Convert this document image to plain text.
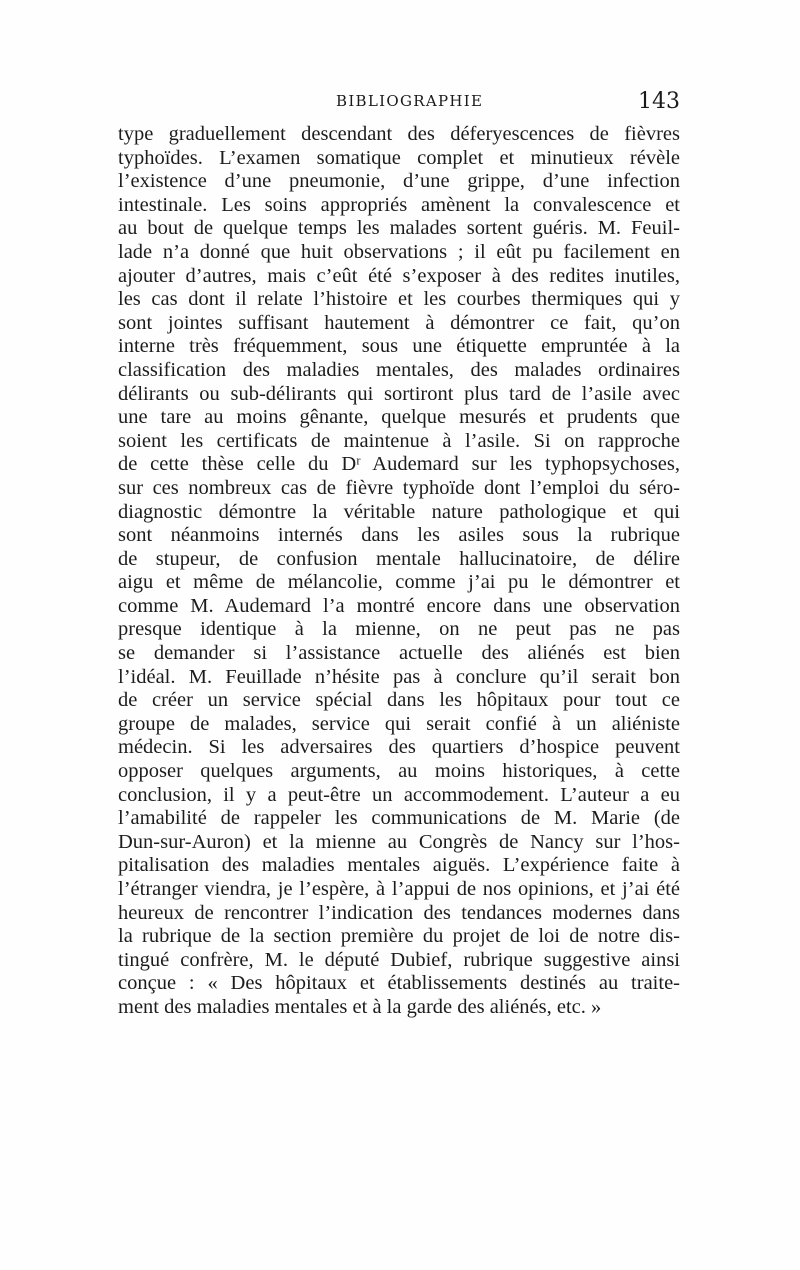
BIBLIOGRAPHIE	143
type graduellement descendant des déferyescences de fièvres
typhoïdes. L’examen somatique complet et minutieux révèle
l’existence d’une pneumonie, d’une grippe, d’une infection
intestinale. Les soins appropriés amènent la convalescence et
au bout de quelque temps les malades sortent guéris. M. Feuil-
lade n’a donné que huit observations ; il eût pu facilement en
ajouter d’autres, mais c’eût été s’exposer à des redites inutiles,
les cas dont il relate l’histoire et les courbes thermiques qui y
sont jointes suffisant hautement à démontrer ce fait, qu’on
interne très fréquemment, sous une étiquette empruntée à la
classification des maladies mentales, des malades ordinaires
délirants ou sub-délirants qui sortiront plus tard de l’asile avec
une tare au moins gênante, quelque mesurés et prudents que
soient les certificats de maintenue à l’asile. Si on rapproche
de cette thèse celle du Dʳ Audemard sur les typhopsychoses,
sur ces nombreux cas de fièvre typhoïde dont l’emploi du séro-
diagnostic démontre la véritable nature pathologique et qui
sont néanmoins internés dans les asiles sous la rubrique
de stupeur, de confusion mentale hallucinatoire, de délire
aigu et même de mélancolie, comme j’ai pu le démontrer et
comme M. Audemard l’a montré encore dans une observation
presque identique à la mienne, on ne peut pas ne pas
se demander si l’assistance actuelle des aliénés est bien
l’idéal. M. Feuillade n’hésite pas à conclure qu’il serait bon
de créer un service spécial dans les hôpitaux pour tout ce
groupe de malades, service qui serait confié à un aliéniste
médecin. Si les adversaires des quartiers d’hospice peuvent
opposer quelques arguments, au moins historiques, à cette
conclusion, il y a peut-être un accommodement. L’auteur a eu
l’amabilité de rappeler les communications de M. Marie (de
Dun-sur-Auron) et la mienne au Congrès de Nancy sur l’hos-
pitalisation des maladies mentales aiguës. L’expérience faite à
l’étranger viendra, je l’espère, à l’appui de nos opinions, et j’ai été
heureux de rencontrer l’indication des tendances modernes dans
la rubrique de la section première du projet de loi de notre dis-
tingué confrère, M. le député Dubief, rubrique suggestive ainsi
conçue : « Des hôpitaux et établissements destinés au traite-
ment des maladies mentales et à la garde des aliénés, etc. »
